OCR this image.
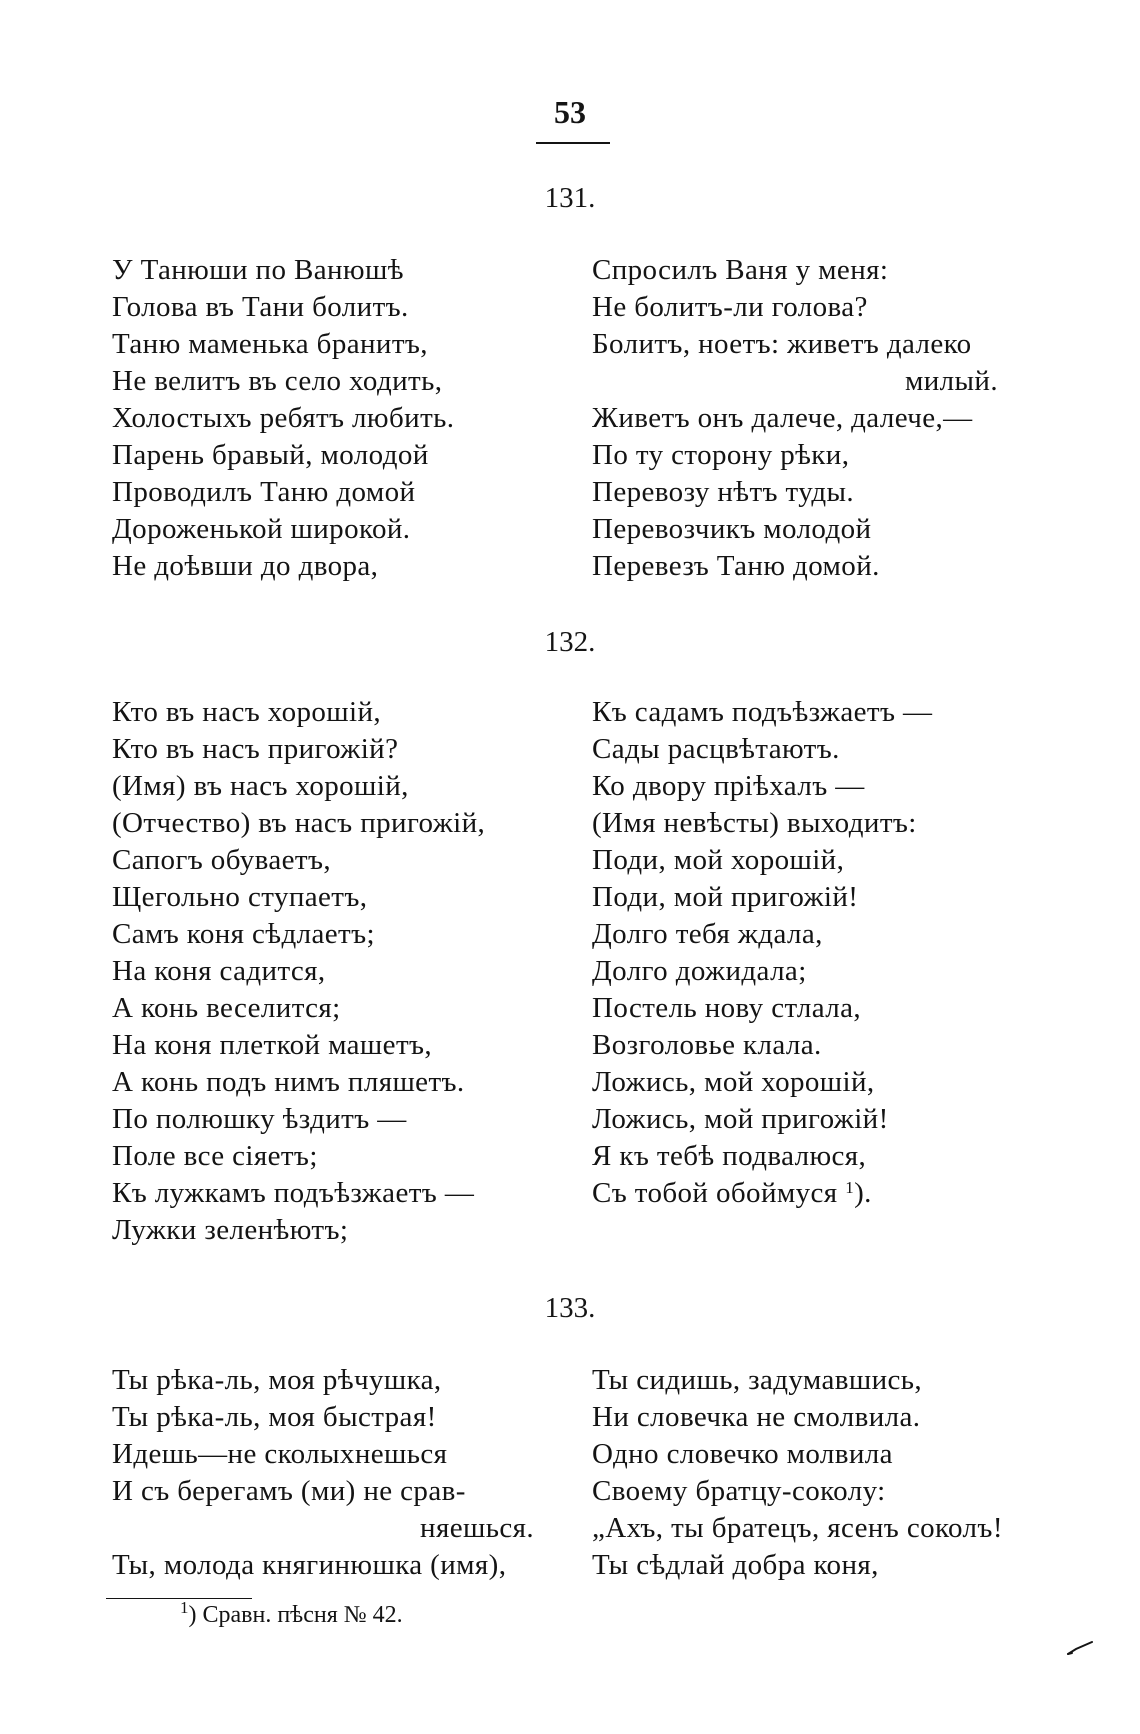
53
131.
У Танюши по Ванюшѣ
Голова въ Тани болитъ.
Таню маменька бранитъ,
Не велитъ въ село ходить,
Холостыхъ ребятъ любить.
Парень бравый, молодой
Проводилъ Таню домой
Дороженькой широкой.
Не доѣвши до двора,
Спросилъ Ваня у меня:
Не болитъ-ли голова?
Болитъ, ноетъ: живетъ далеко
милый.
Живетъ онъ далече, далече,—
По ту сторону рѣки,
Перевозу нѣтъ туды.
Перевозчикъ молодой
Перевезъ Таню домой.
132.
Кто въ насъ хорошій,
Кто въ насъ пригожій?
(Имя) въ насъ хорошій,
(Отчество) въ насъ пригожій,
Сапогъ обуваетъ,
Щегольно ступаетъ,
Самъ коня сѣдлаетъ;
На коня садится,
А конь веселится;
На коня плеткой машетъ,
А конь подъ нимъ пляшетъ.
По полюшку ѣздитъ —
Поле все сіяетъ;
Къ лужкамъ подъѣзжаетъ —
Лужки зеленѣютъ;
Къ садамъ подъѣзжаетъ —
Сады расцвѣтаютъ.
Ко двору пріѣхалъ —
(Имя невѣсты) выходитъ:
Поди, мой хорошій,
Поди, мой пригожій!
Долго тебя ждала,
Долго дожидала;
Постель нову стлала,
Возголовье клала.
Ложись, мой хорошій,
Ложись, мой пригожій!
Я къ тебѣ подвалюся,
Съ тобой обоймуся $^1$).
133.
Ты рѣка-ль, моя рѣчушка,
Ты рѣка-ль, моя быстрая!
Идешь—не сколыхнешься
И съ берегамъ (ми) не срав-
няешься.
Ты, молода княгинюшка (имя),
Ты сидишь, задумавшись,
Ни словечка не смолвила.
Одно словечко молвила
Своему братцу-соколу:
„Ахъ, ты братецъ, ясенъ соколъ!
Ты сѣдлай добра коня,
$^1$) Сравн. пѣсня № 42.
